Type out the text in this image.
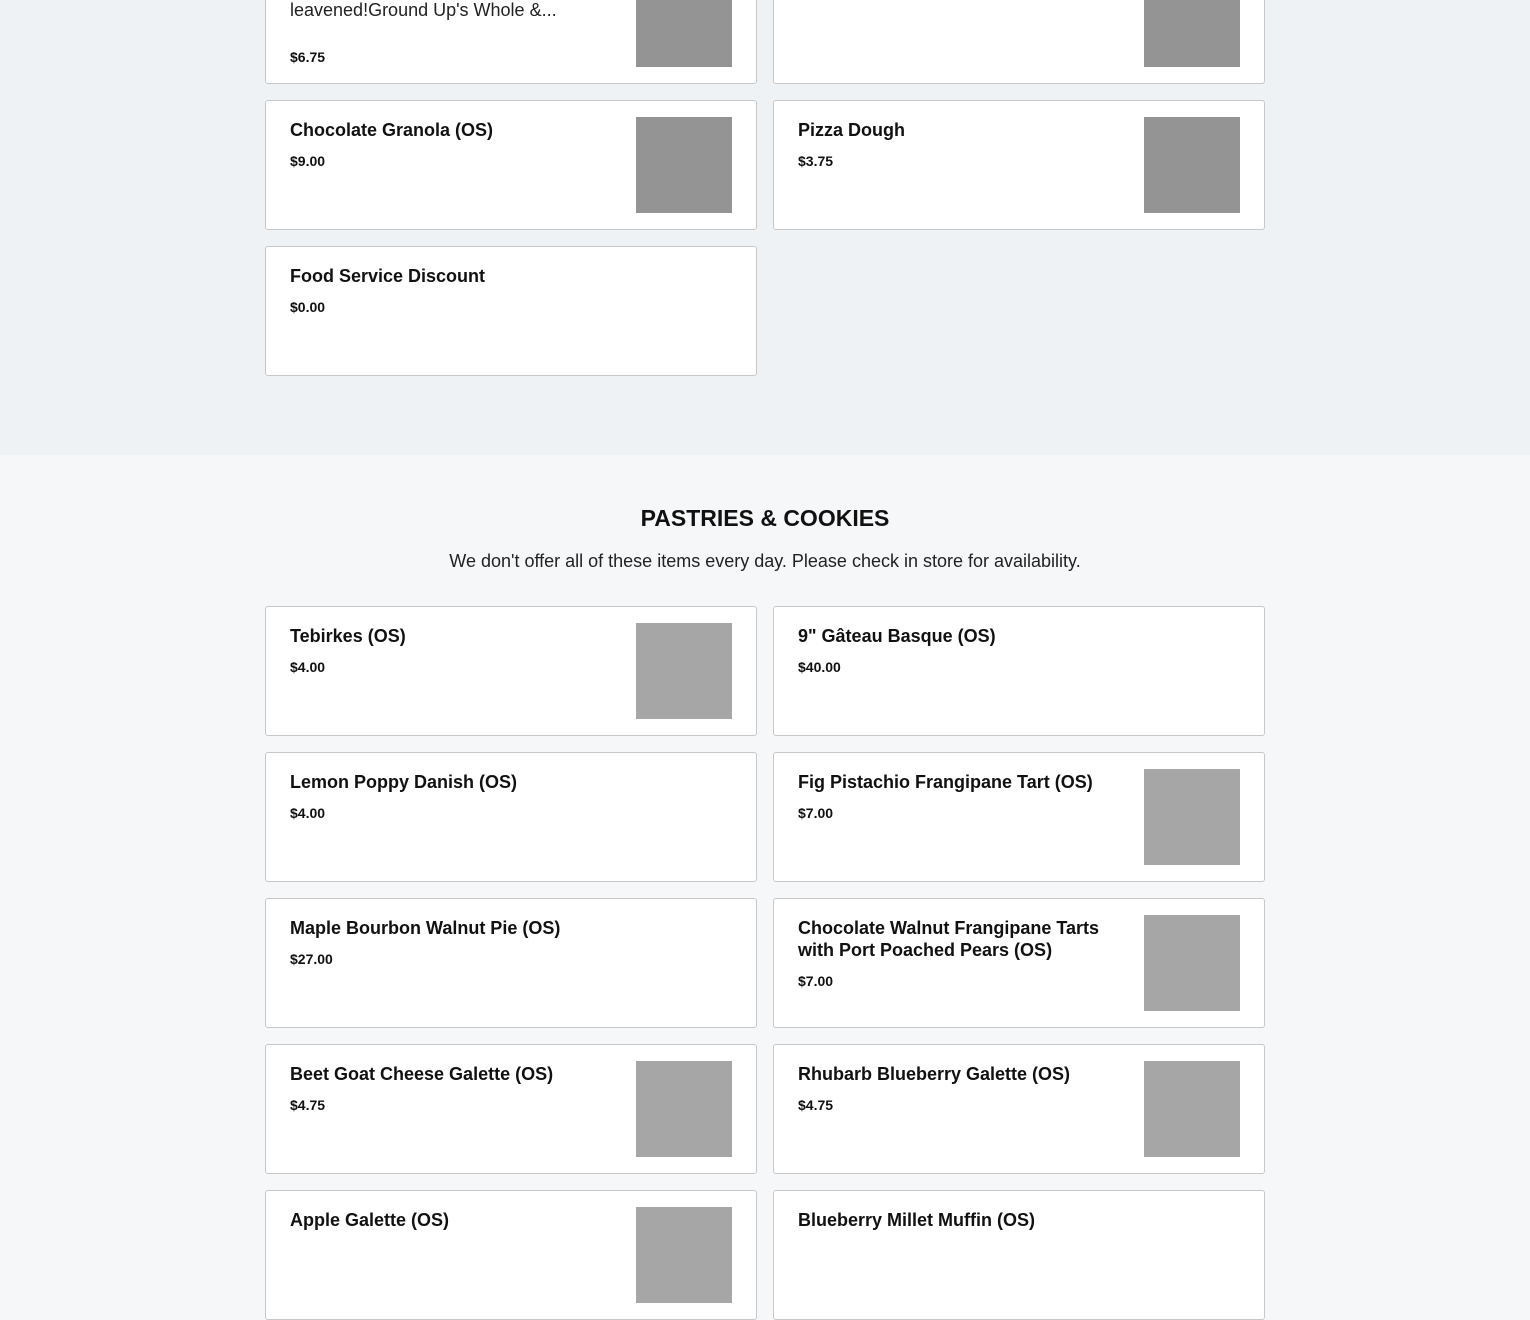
leavened!Ground Up's Whole &...
$6.75
Chocolate Granola (OS)
$9.00
Pizza Dough
$3.75
Food Service Discount
$0.00
PASTRIES & COOKIES
We don't offer all of these items every day. Please check in store for availability.
Tebirkes (OS)
$4.00
9" Gâteau Basque (OS)
$40.00
Lemon Poppy Danish (OS)
$4.00
Fig Pistachio Frangipane Tart (OS)
$7.00
Maple Bourbon Walnut Pie (OS)
$27.00
Chocolate Walnut Frangipane Tarts with Port Poached Pears (OS)
$7.00
Beet Goat Cheese Galette (OS)
$4.75
Rhubarb Blueberry Galette (OS)
$4.75
Apple Galette (OS)	Blueberry Millet Muffin (OS)
